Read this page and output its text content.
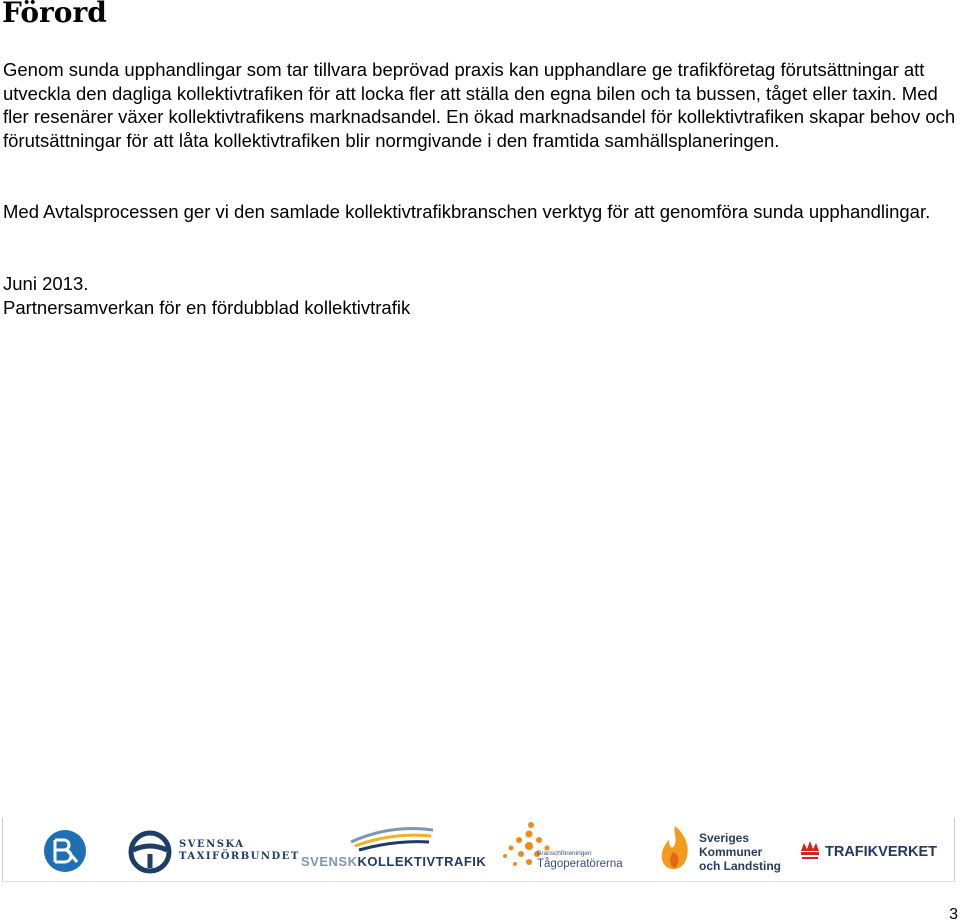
Förord

Genom sunda upphandlingar som tar tillvara beprövad praxis kan upphandlare ge trafikföretag förutsättningar att utveckla den dagliga kollektivtrafiken för att locka fler att ställa den egna bilen och ta bussen, tåget eller taxin. Med fler resenärer växer kollektivtrafikens marknadsandel. En ökad marknadsandel för kollektivtrafiken skapar behov och förutsättningar för att låta kollektivtrafiken blir normgivande i den framtida samhällsplaneringen.

Med Avtalsprocessen ger vi den samlade kollektivtrafikbranschen verktyg för att genomföra sunda upphandlingar.

Juni 2013.

Partnersamverkan för en fördubblad kollektivtrafik

SVENSKA
TAXIFÖRBUNDET SVENSKKOLLEKTIVTRAFIK
Branschföreningen
Tågoperatörerna
Sveriges
Kommuner
och Landsting
TRAFIKVERKET
3
